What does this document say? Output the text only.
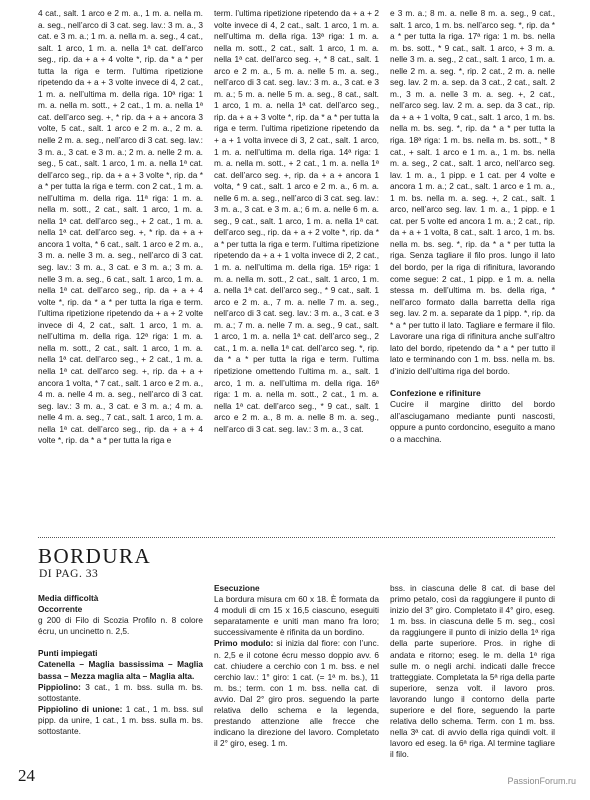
4 cat., salt. 1 arco e 2 m. a., 1 m. a. nella m. a. seg., nell’arco di 3 cat. seg. lav.: 3 m. a., 3 cat. e 3 m. a.; 1 m. a. nella m. a. seg., 4 cat., salt. 1 arco, 1 m. a. nella 1ª cat. dell’arco seg., rip. da + a + 4 volte *, rip. da * a * per tutta la riga e term. l’ultima ripetizione ripetendo da + a + 3 volte invece di 4, 2 cat., 1 m. a. nell’ultima m. della riga. 10ª riga: 1 m. a. nella m. sott., + 2 cat., 1 m. a. nella 1ª cat. dell’arco seg. +, * rip. da + a + ancora 3 volte, 5 cat., salt. 1 arco e 2 m. a., 2 m. a. nelle 2 m. a. seg., nell’arco di 3 cat. seg. lav.: 3 m. a., 3 cat. e 3 m. a.; 2 m. a. nelle 2 m. a. seg., 5 cat., salt. 1 arco, 1 m. a. nella 1ª cat. dell’arco seg., rip. da + a + 3 volte *, rip. da * a * per tutta la riga e term. con 2 cat., 1 m. a. nell’ultima m. della riga. 11ª riga: 1 m. a. nella m. sott., 2 cat., salt. 1 arco, 1 m. a. nella 1ª cat. dell’arco seg., + 2 cat., 1 m. a. nella 1ª cat. dell’arco seg. +, * rip. da + a + ancora 1 volta, * 6 cat., salt. 1 arco e 2 m. a., 3 m. a. nelle 3 m. a. seg., nell’arco di 3 cat. seg. lav.: 3 m. a., 3 cat. e 3 m. a.; 3 m. a. nelle 3 m. a. seg., 6 cat., salt. 1 arco, 1 m. a. nella 1ª cat. dell’arco seg., rip. da + a + 4 volte *, rip. da * a * per tutta la riga e term. l’ultima ripetizione ripetendo da + a + 2 volte invece di 4, 2 cat., salt. 1 arco, 1 m. a. nell’ultima m. della riga. 12ª riga: 1 m. a. nella m. sott., 2 cat., salt. 1 arco, 1 m. a. nella 1ª cat. dell’arco seg., + 2 cat., 1 m. a. nella 1ª cat. dell’arco seg. +, rip. da + a + ancora 1 volta, * 7 cat., salt. 1 arco e 2 m. a., 4 m. a. nelle 4 m. a. seg., nell’arco di 3 cat. seg. lav.: 3 m. a., 3 cat. e 3 m. a.; 4 m. a. nelle 4 m. a. seg., 7 cat., salt. 1 arco, 1 m. a. nella 1ª cat. dell’arco seg., rip. da + a + 4 volte *, rip. da * a * per tutta la riga e

term. l’ultima ripetizione ripetendo da + a + 2 volte invece di 4, 2 cat., salt. 1 arco, 1 m. a. nell’ultima m. della riga. 13ª riga: 1 m. a. nella m. sott., 2 cat., salt. 1 arco, 1 m. a. nella 1ª cat. dell’arco seg. +, * 8 cat., salt. 1 arco e 2 m. a., 5 m. a. nelle 5 m. a. seg., nell’arco di 3 cat. seg. lav.: 3 m. a., 3 cat. e 3 m. a.; 5 m. a. nelle 5 m. a. seg., 8 cat., salt. 1 arco, 1 m. a. nella 1ª cat. dell’arco seg., rip. da + a + 3 volte *, rip. da * a * per tutta la riga e term. l’ultima ripetizione ripetendo da + a + 1 volta invece di 3, 2 cat., salt. 1 arco, 1 m. a. nell’ultima m. della riga. 14ª riga: 1 m. a. nella m. sott., + 2 cat., 1 m. a. nella 1ª cat. dell’arco seg. +, rip. da + a + ancora 1 volta, * 9 cat., salt. 1 arco e 2 m. a., 6 m. a. nelle 6 m. a. seg., nell’arco di 3 cat. seg. lav.: 3 m. a., 3 cat. e 3 m. a.; 6 m. a. nelle 6 m. a. seg., 9 cat., salt. 1 arco, 1 m. a. nella 1ª cat. dell’arco seg., rip. da + a + 2 volte *, rip. da * a * per tutta la riga e term. l’ultima ripetizione ripetendo da + a + 1 volta invece di 2, 2 cat., 1 m. a. nell’ultima m. della riga. 15ª riga: 1 m. a. nella m. sott., 2 cat., salt. 1 arco, 1 m. a. nella 1ª cat. dell’arco seg., * 9 cat., salt. 1 arco e 2 m. a., 7 m. a. nelle 7 m. a. seg., nell’arco di 3 cat. seg. lav.: 3 m. a., 3 cat. e 3 m. a.; 7 m. a. nelle 7 m. a. seg., 9 cat., salt. 1 arco, 1 m. a. nella 1ª cat. dell’arco seg., 2 cat., 1 m. a. nella 1ª cat. dell’arco seg. *, rip. da * a * per tutta la riga e term. l’ultima ripetizione omettendo l’ultima m. a., salt. 1 arco, 1 m. a. nell’ultima m. della riga. 16ª riga: 1 m. a. nella m. sott., 2 cat., 1 m. a. nella 1ª cat. dell’arco seg., * 9 cat., salt. 1 arco e 2 m. a., 8 m. a. nelle 8 m. a. seg., nell’arco di 3 cat. seg. lav.: 3 m. a., 3 cat.

e 3 m. a.; 8 m. a. nelle 8 m. a. seg., 9 cat., salt. 1 arco, 1 m. bs. nell’arco seg. *, rip. da * a * per tutta la riga. 17ª riga: 1 m. bs. nella m. bs. sott., * 9 cat., salt. 1 arco, + 3 m. a. nelle 3 m. a. seg., 2 cat., salt. 1 arco, 1 m. a. nelle 2 m. a. seg. *, rip. 2 cat., 2 m. a. nelle seg. lav. 2 m. a. sep. da 3 cat., 2 cat., salt. 2 m., 3 m. a. nelle 3 m. a. seg. +, 2 cat., nell’arco seg. lav. 2 m. a. sep. da 3 cat., rip. da + a + 1 volta, 9 cat., salt. 1 arco, 1 m. bs. nella m. bs. seg. *, rip. da * a * per tutta la riga. 18ª riga: 1 m. bs. nella m. bs. sott., * 8 cat., + salt. 1 arco e 1 m. a., 1 m. bs. nella m. a. seg., 2 cat., salt. 1 arco, nell’arco seg. lav. 1 m. a., 1 pipp. e 1 cat. per 4 volte e ancora 1 m. a.; 2 cat., salt. 1 arco e 1 m. a., 1 m. bs. nella m. a. seg. +, 2 cat., salt. 1 arco, nell’arco seg. lav. 1 m. a., 1 pipp. e 1 cat. per 5 volte ed ancora 1 m. a.; 2 cat., rip. da + a + 1 volta, 8 cat., salt. 1 arco, 1 m. bs. nella m. bs. seg. *, rip. da * a * per tutta la riga. Senza tagliare il filo pros. lungo il lato del bordo, per la riga di rifinitura, lavorando come segue: 2 cat., 1 pipp. e 1 m. a. nella stessa m. dell’ultima m. bs. della riga, * nell’arco formato dalla barretta della riga seg. lav. 2 m. a. separate da 1 pipp. *, rip. da * a * per tutto il lato. Tagliare e fermare il filo. Lavorare una riga di rifinitura anche sull’altro lato del bordo, ripetendo da * a * per tutto il lato e terminando con 1 m. bss. nella m. bs. d’inizio dell’ultima riga del bordo.

Confezione e rifiniture

Cucire il margine diritto del bordo all’asciugamano mediante punti nascosti, oppure a punto cordoncino, eseguito a mano o a macchina.

BORDURA
DI PAG. 33

Media difficoltà

Occorrente

g 200 di Filo di Scozia Profilo n. 8 colore écru, un uncinetto n. 2,5.

Punti impiegati

Catenella – Maglia bassissima – Maglia bassa – Mezza maglia alta – Maglia alta.

Pippiolino: 3 cat., 1 m. bss. sulla m. bs. sottostante.

Pippiolino di unione: 1 cat., 1 m. bss. sul pipp. da unire, 1 cat., 1 m. bss. sulla m. bs. sottostante.

Esecuzione

La bordura misura cm 60 x 18. È formata da 4 moduli di cm 15 x 16,5 ciascuno, eseguiti separatamente e uniti man mano fra loro; successivamente è rifinita da un bordino.

Primo modulo: si inizia dal fiore: con l’unc. n. 2,5 e il cotone écru messo doppio avv. 6 cat. chiudere a cerchio con 1 m. bss. e nel cerchio lav.: 1° giro: 1 cat. (= 1ª m. bs.), 11 m. bs.; term. con 1 m. bss. nella cat. di avvio. Dal 2° giro pros. seguendo la parte relativa dello schema e la legenda, prestando attenzione alle frecce che indicano la direzione del lavoro. Completato il 2° giro, eseg. 1 m.

bss. in ciascuna delle 8 cat. di base del primo petalo, così da raggiungere il punto di inizio del 3° giro. Completato il 4° giro, eseg. 1 m. bss. in ciascuna delle 5 m. seg., così da raggiungere il punto di inizio della 1ª riga della parte superiore. Pros. in righe di andata e ritorno; eseg. le m. della 1ª riga sulle m. o negli archi. indicati dalle frecce tratteggiate. Completata la 5ª riga della parte superiore, senza volt. il lavoro pros. lavorando lungo il contorno della parte superiore e del fiore, seguendo la parte relativa dello schema. Term. con 1 m. bss. nella 3ª cat. di avvio della riga quindi volt. il lavoro ed eseg. la 6ª riga. Al termine tagliare il filo.

24	PassionForum.ru
